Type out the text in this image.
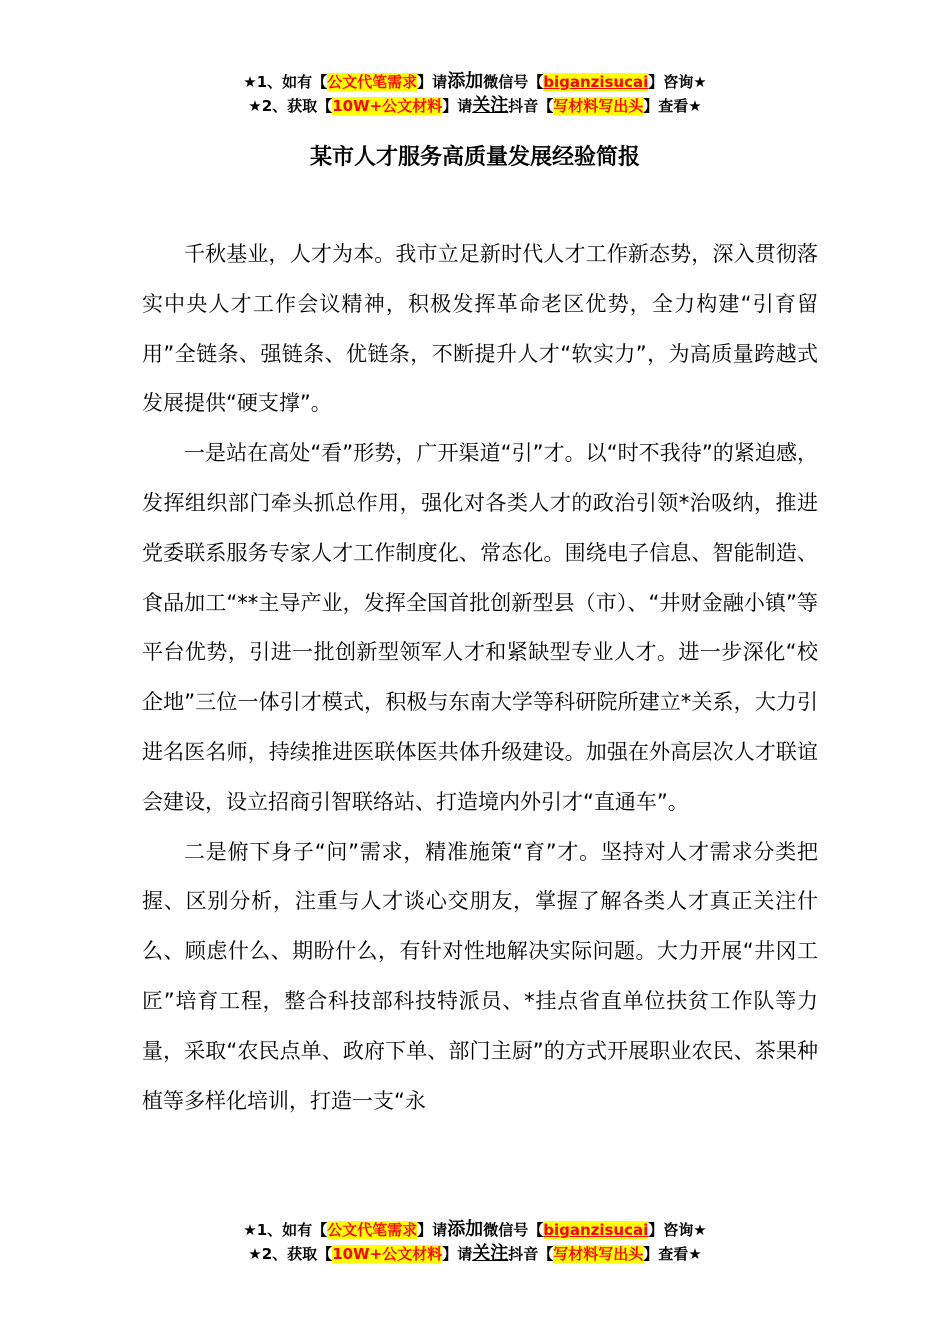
★1、如有【公文代笔需求】请添加微信号【biganzisucai】咨询★
★2、获取【10W+公文材料】请关注抖音【写材料写出头】查看★
某市人才服务高质量发展经验简报

千秋基业，人才为本。我市立足新时代人才工作新态势，深入贯彻落实中央人才工作会议精神，积极发挥革命老区优势，全力构建“引育留用”全链条、强链条、优链条，不断提升人才“软实力”，为高质量跨越式发展提供“硬支撑”。

一是站在高处“看”形势，广开渠道“引”才。以“时不我待”的紧迫感，发挥组织部门牵头抓总作用，强化对各类人才的政治引领*治吸纳，推进党委联系服务专家人才工作制度化、常态化。围绕电子信息、智能制造、食品加工“**主导产业，发挥全国首批创新型县（市）、“井财金融小镇”等平台优势，引进一批创新型领军人才和紧缺型专业人才。进一步深化“校企地”三位一体引才模式，积极与东南大学等科研院所建立*关系，大力引进名医名师，持续推进医联体医共体升级建设。加强在外高层次人才联谊会建设，设立招商引智联络站、打造境内外引才“直通车”。

二是俯下身子“问”需求，精准施策“育”才。坚持对人才需求分类把握、区别分析，注重与人才谈心交朋友，掌握了解各类人才真正关注什么、顾虑什么、期盼什么，有针对性地解决实际问题。大力开展“井冈工匠”培育工程，整合科技部科技特派员、*挂点省直单位扶贫工作队等力量，采取“农民点单、政府下单、部门主厨”的方式开展职业农民、茶果种植等多样化培训，打造一支“永

★1、如有【公文代笔需求】请添加微信号【biganzisucai】咨询★
★2、获取【10W+公文材料】请关注抖音【写材料写出头】查看★
